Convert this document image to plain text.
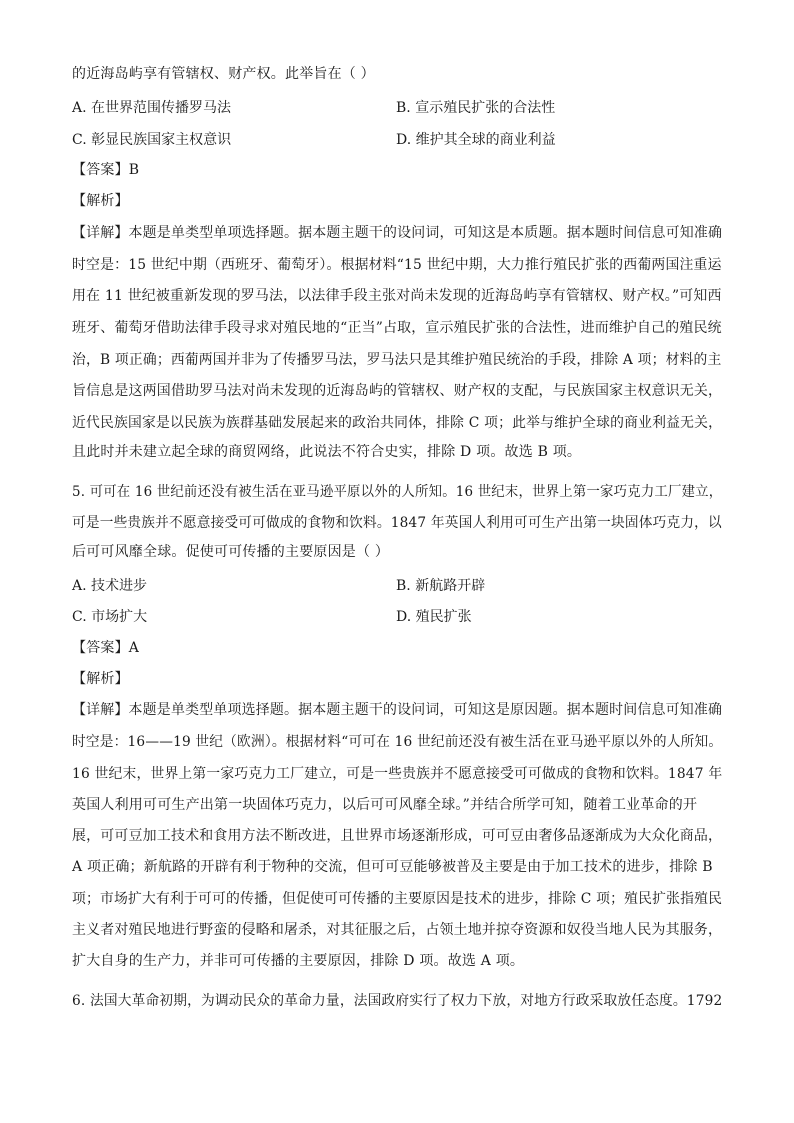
的近海岛屿享有管辖权、财产权。此举旨在（ ）
A. 在世界范围传播罗马法	B. 宣示殖民扩张的合法性
C. 彰显民族国家主权意识	D. 维护其全球的商业利益
【答案】B
【解析】
【详解】本题是单类型单项选择题。据本题主题干的设问词，可知这是本质题。据本题时间信息可知准确
时空是：15 世纪中期（西班牙、葡萄牙）。根据材料“15 世纪中期，大力推行殖民扩张的西葡两国注重运
用在 11 世纪被重新发现的罗马法，以法律手段主张对尚未发现的近海岛屿享有管辖权、财产权。”可知西
班牙、葡萄牙借助法律手段寻求对殖民地的“正当”占取，宣示殖民扩张的合法性，进而维护自己的殖民统
治，B 项正确；西葡两国并非为了传播罗马法，罗马法只是其维护殖民统治的手段，排除 A 项；材料的主
旨信息是这两国借助罗马法对尚未发现的近海岛屿的管辖权、财产权的支配，与民族国家主权意识无关，
近代民族国家是以民族为族群基础发展起来的政治共同体，排除 C 项；此举与维护全球的商业利益无关，
且此时并未建立起全球的商贸网络，此说法不符合史实，排除 D 项。故选 B 项。
5. 可可在 16 世纪前还没有被生活在亚马逊平原以外的人所知。16 世纪末，世界上第一家巧克力工厂建立，
可是一些贵族并不愿意接受可可做成的食物和饮料。1847 年英国人利用可可生产出第一块固体巧克力，以
后可可风靡全球。促使可可传播的主要原因是（ ）
A. 技术进步	B. 新航路开辟
C. 市场扩大	D. 殖民扩张
【答案】A
【解析】
【详解】本题是单类型单项选择题。据本题主题干的设问词，可知这是原因题。据本题时间信息可知准确
时空是：16——19 世纪（欧洲）。根据材料“可可在 16 世纪前还没有被生活在亚马逊平原以外的人所知。
16 世纪末，世界上第一家巧克力工厂建立，可是一些贵族并不愿意接受可可做成的食物和饮料。1847 年
英国人利用可可生产出第一块固体巧克力，以后可可风靡全球。”并结合所学可知，随着工业革命的开
展，可可豆加工技术和食用方法不断改进，且世界市场逐渐形成，可可豆由奢侈品逐渐成为大众化商品，
A 项正确；新航路的开辟有利于物种的交流，但可可豆能够被普及主要是由于加工技术的进步，排除 B
项；市场扩大有利于可可的传播，但促使可可传播的主要原因是技术的进步，排除 C 项；殖民扩张指殖民
主义者对殖民地进行野蛮的侵略和屠杀，对其征服之后，占领土地并掠夺资源和奴役当地人民为其服务，
扩大自身的生产力，并非可可传播的主要原因，排除 D 项。故选 A 项。
6. 法国大革命初期，为调动民众的革命力量，法国政府实行了权力下放，对地方行政采取放任态度。1792
